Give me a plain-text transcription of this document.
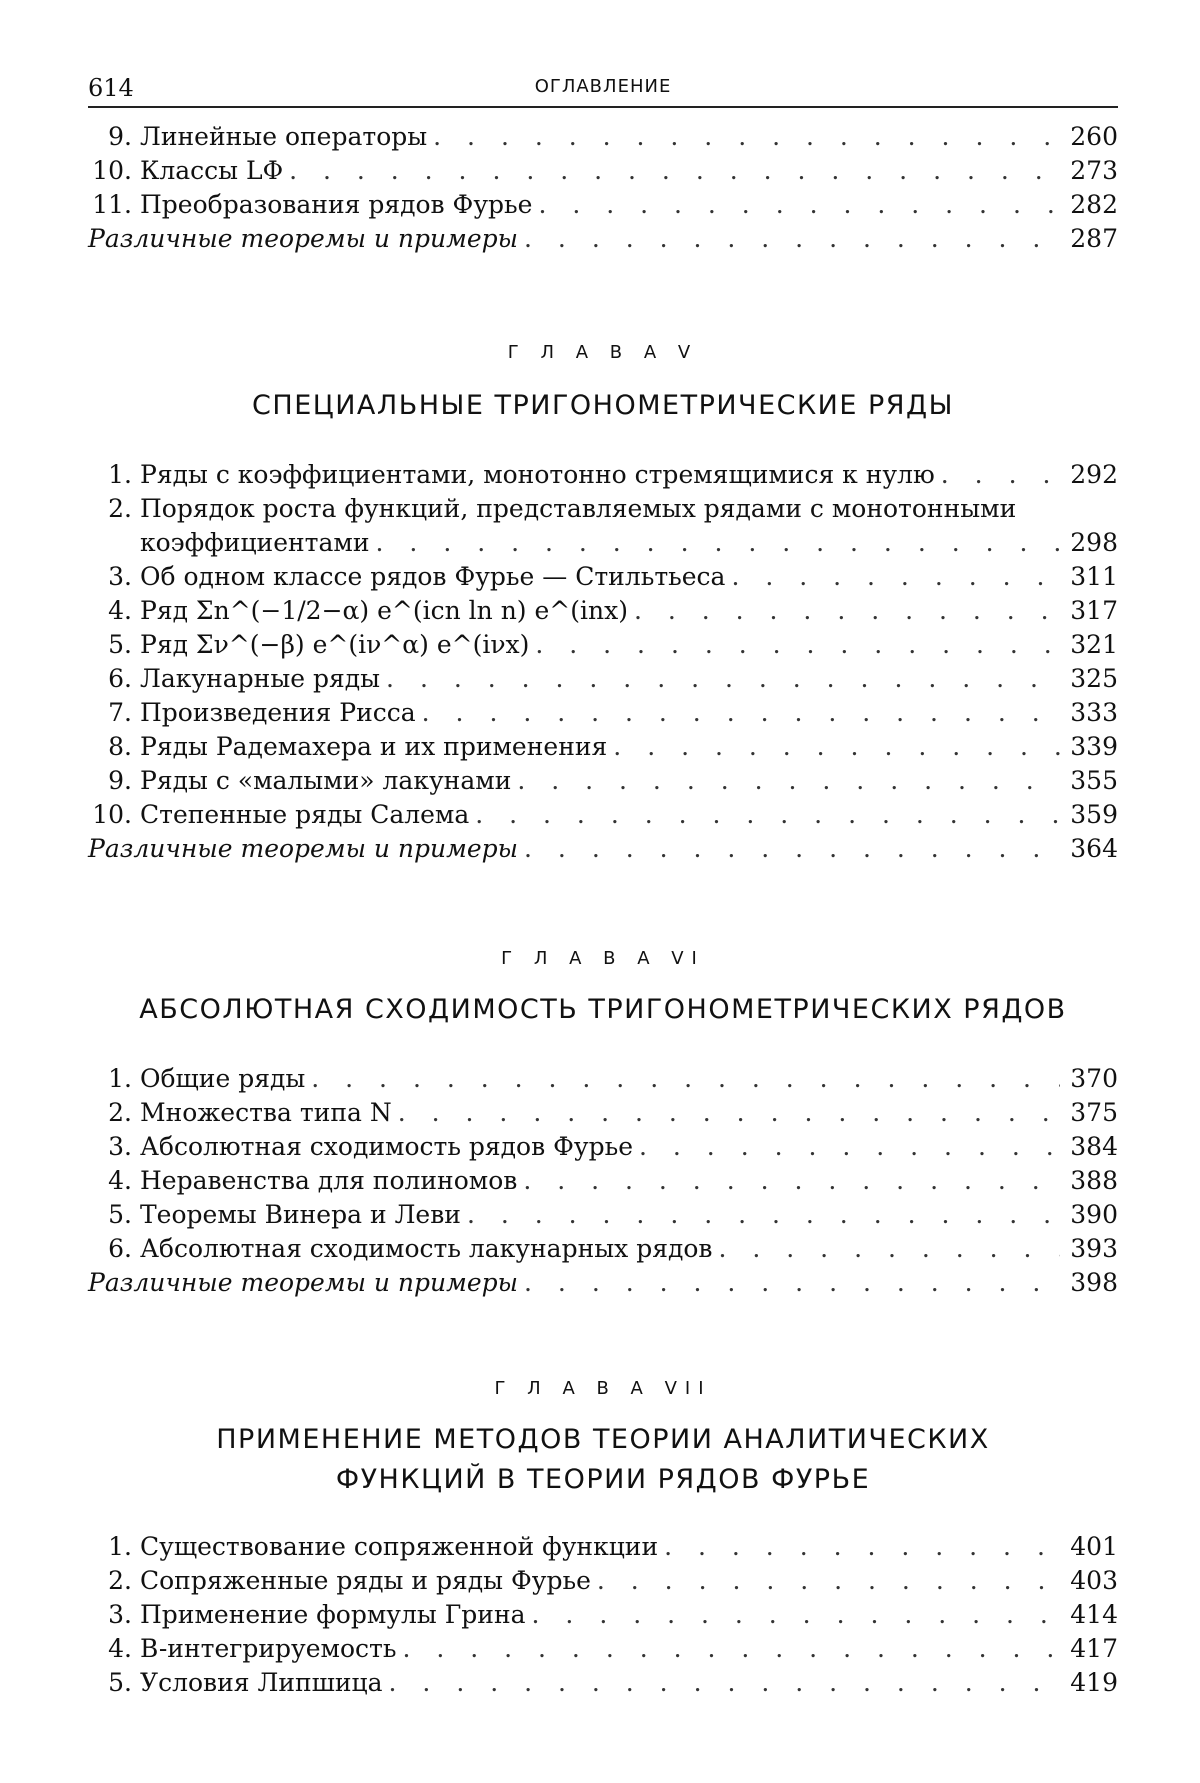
614	ОГЛАВЛЕНИЕ
9. Линейные операторы . . .	260
10. Классы LΦ . . .	273
11. Преобразования рядов Фурье . . .	282
Различные теоремы и примеры . . .	287
Г Л А В А V
СПЕЦИАЛЬНЫЕ ТРИГОНОМЕТРИЧЕСКИЕ РЯДЫ
1. Ряды с коэффициентами, монотонно стремящимися к нулю . . .	292
2. Порядок роста функций, представляемых рядами с монотонными
коэффициентами . . .	298
3. Об одном классе рядов Фурье — Стильтьеса . . .	311
4. Ряд Σn^(−1/2−α) e^(icn ln n) e^(inx) . . .	317
5. Ряд Σν^(−β) e^(iν^α) e^(iνx) . . .	321
6. Лакунарные ряды . . .	325
7. Произведения Рисса . . .	333
8. Ряды Радемахера и их применения . . .	339
9. Ряды с «малыми» лакунами . . .	355
10. Степенные ряды Салема . . .	359
Различные теоремы и примеры . . .	364
Г Л А В А VI
АБСОЛЮТНАЯ СХОДИМОСТЬ ТРИГОНОМЕТРИЧЕСКИХ РЯДОВ
1. Общие ряды . . .	370
2. Множества типа N . . .	375
3. Абсолютная сходимость рядов Фурье . . .	384
4. Неравенства для полиномов . . .	388
5. Теоремы Винера и Леви . . .	390
6. Абсолютная сходимость лакунарных рядов . . .	393
Различные теоремы и примеры . . .	398
Г Л А В А VII
ПРИМЕНЕНИЕ МЕТОДОВ ТЕОРИИ АНАЛИТИЧЕСКИХ
ФУНКЦИЙ В ТЕОРИИ РЯДОВ ФУРЬЕ
1. Существование сопряженной функции . . .	401
2. Сопряженные ряды и ряды Фурье . . .	403
3. Применение формулы Грина . . .	414
4. B-интегрируемость . . .	417
5. Условия Липшица . . .	419
